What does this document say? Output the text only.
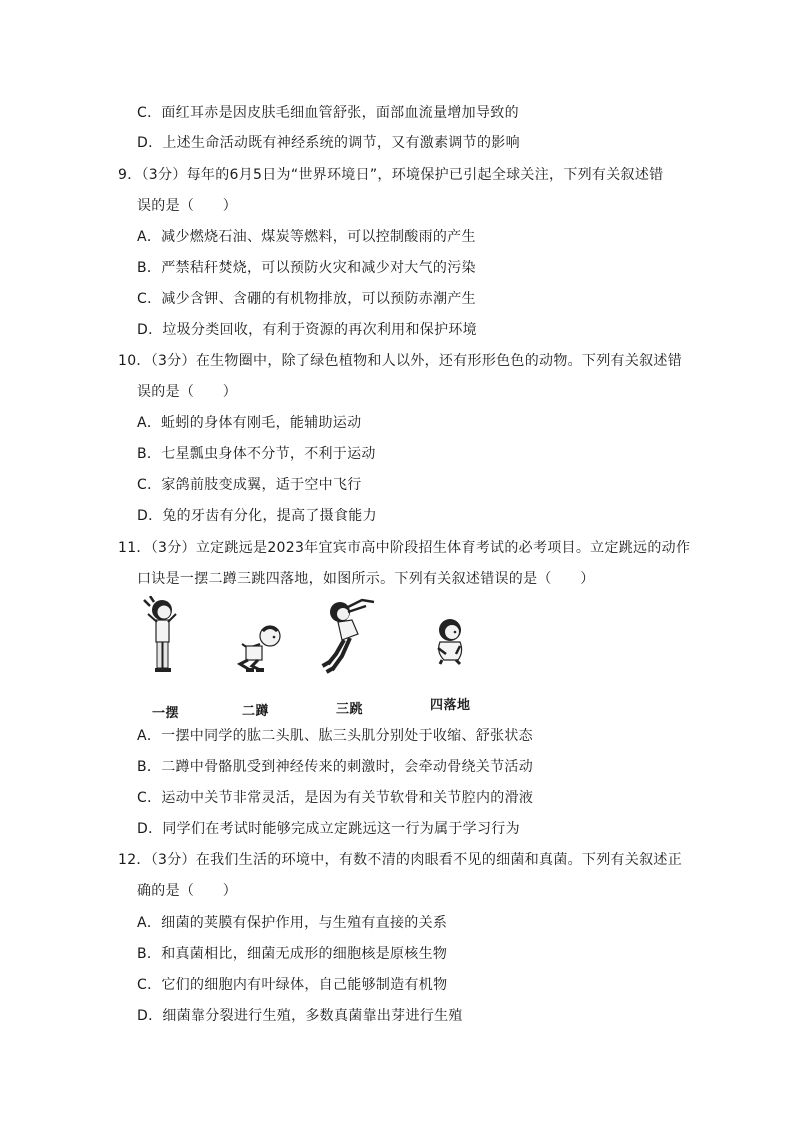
C．面红耳赤是因皮肤毛细血管舒张，面部血流量增加导致的
D．上述生命活动既有神经系统的调节，又有激素调节的影响
9．（3分）每年的6月5日为“世界环境日”，环境保护已引起全球关注，下列有关叙述错
误的是（　　）
A．减少燃烧石油、煤炭等燃料，可以控制酸雨的产生
B．严禁秸秆焚烧，可以预防火灾和减少对大气的污染
C．减少含钾、含硼的有机物排放，可以预防赤潮产生
D．垃圾分类回收，有利于资源的再次利用和保护环境
10．（3分）在生物圈中，除了绿色植物和人以外，还有形形色色的动物。下列有关叙述错
误的是（　　）
A．蚯蚓的身体有刚毛，能辅助运动
B．七星瓢虫身体不分节，不利于运动
C．家鸽前肢变成翼，适于空中飞行
D．兔的牙齿有分化，提高了摄食能力
11．（3分）立定跳远是2023年宜宾市高中阶段招生体育考试的必考项目。立定跳远的动作
口诀是一摆二蹲三跳四落地，如图所示。下列有关叙述错误的是（　　）
一摆	二蹲	三跳	四落地
A．一摆中同学的肱二头肌、肱三头肌分别处于收缩、舒张状态
B．二蹲中骨骼肌受到神经传来的刺激时，会牵动骨绕关节活动
C．运动中关节非常灵活，是因为有关节软骨和关节腔内的滑液
D．同学们在考试时能够完成立定跳远这一行为属于学习行为
12．（3分）在我们生活的环境中，有数不清的肉眼看不见的细菌和真菌。下列有关叙述正
确的是（　　）
A．细菌的荚膜有保护作用，与生殖有直接的关系
B．和真菌相比，细菌无成形的细胞核是原核生物
C．它们的细胞内有叶绿体，自己能够制造有机物
D．细菌靠分裂进行生殖，多数真菌靠出芽进行生殖
